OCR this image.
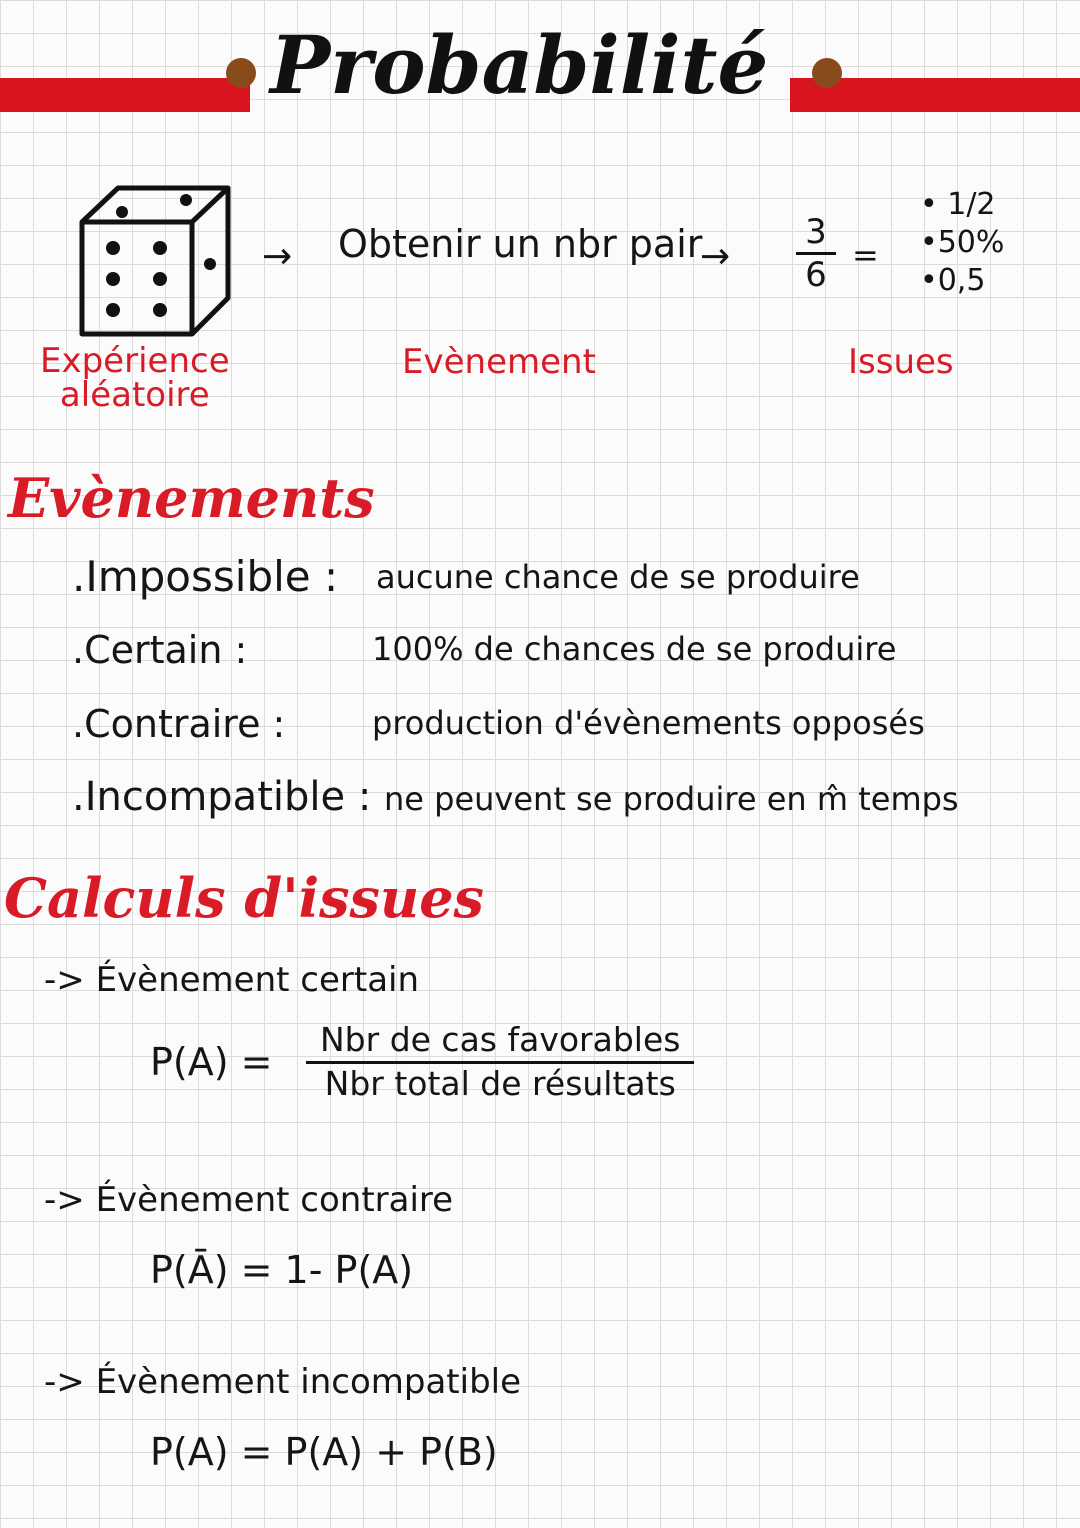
Probabilité
→ Obtenir un nbr pair
→ $\frac{3}{6}$ =
• 1/2
•50%
•0,5
Expérience
aléatoire
Evènement	Issues
Evènements
.Impossible : aucune chance de se produire
.Certain :	100% de chances de se produire
.Contraire :	production d'évènements opposés
.Incompatible : ne peuvent se produire en m̂ temps
Calculs d'issues
-> Évènement certain
P(A) =
Nbr de cas favorables
Nbr total de résultats
-> Évènement contraire
P(Ā) = 1- P(A)
-> Évènement incompatible
P(A) = P(A) + P(B)
